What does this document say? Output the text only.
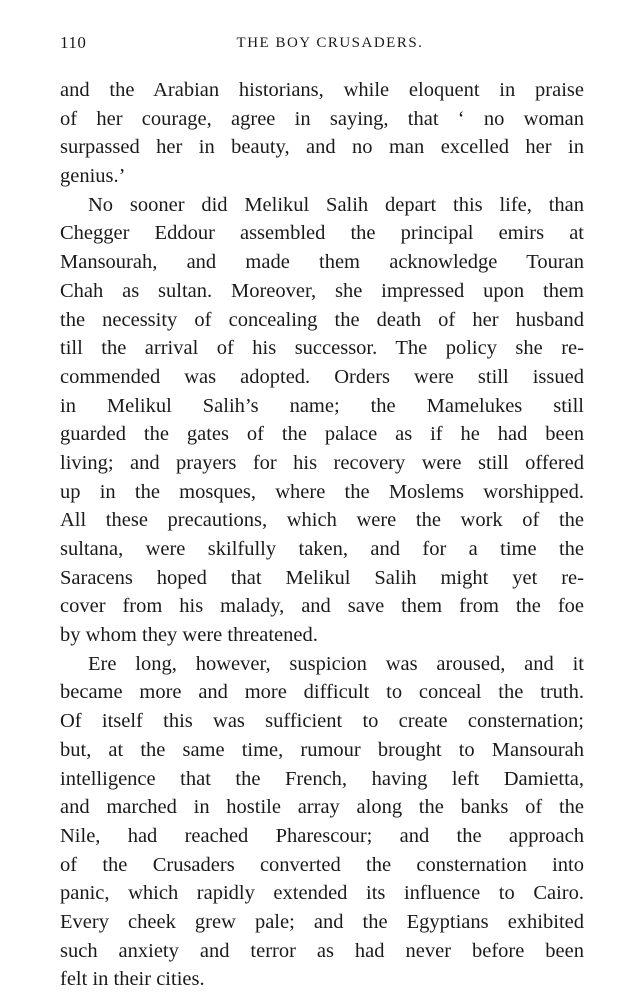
110	THE BOY CRUSADERS.

and the Arabian historians, while eloquent in praise
of her courage, agree in saying, that ‘ no woman
surpassed her in beauty, and no man excelled her in
genius.’

No sooner did Melikul Salih depart this life, than
Chegger Eddour assembled the principal emirs at
Mansourah, and made them acknowledge Touran
Chah as sultan. Moreover, she impressed upon them
the necessity of concealing the death of her husband
till the arrival of his successor. The policy she re-
commended was adopted. Orders were still issued
in Melikul Salih’s name; the Mamelukes still
guarded the gates of the palace as if he had been
living; and prayers for his recovery were still offered
up in the mosques, where the Moslems worshipped.
All these precautions, which were the work of the
sultana, were skilfully taken, and for a time the
Saracens hoped that Melikul Salih might yet re-
cover from his malady, and save them from the foe
by whom they were threatened.

Ere long, however, suspicion was aroused, and it
became more and more difficult to conceal the truth.
Of itself this was sufficient to create consternation;
but, at the same time, rumour brought to Mansourah
intelligence that the French, having left Damietta,
and marched in hostile array along the banks of the
Nile, had reached Pharescour; and the approach
of the Crusaders converted the consternation into
panic, which rapidly extended its influence to Cairo.
Every cheek grew pale; and the Egyptians exhibited
such anxiety and terror as had never before been
felt in their cities.
